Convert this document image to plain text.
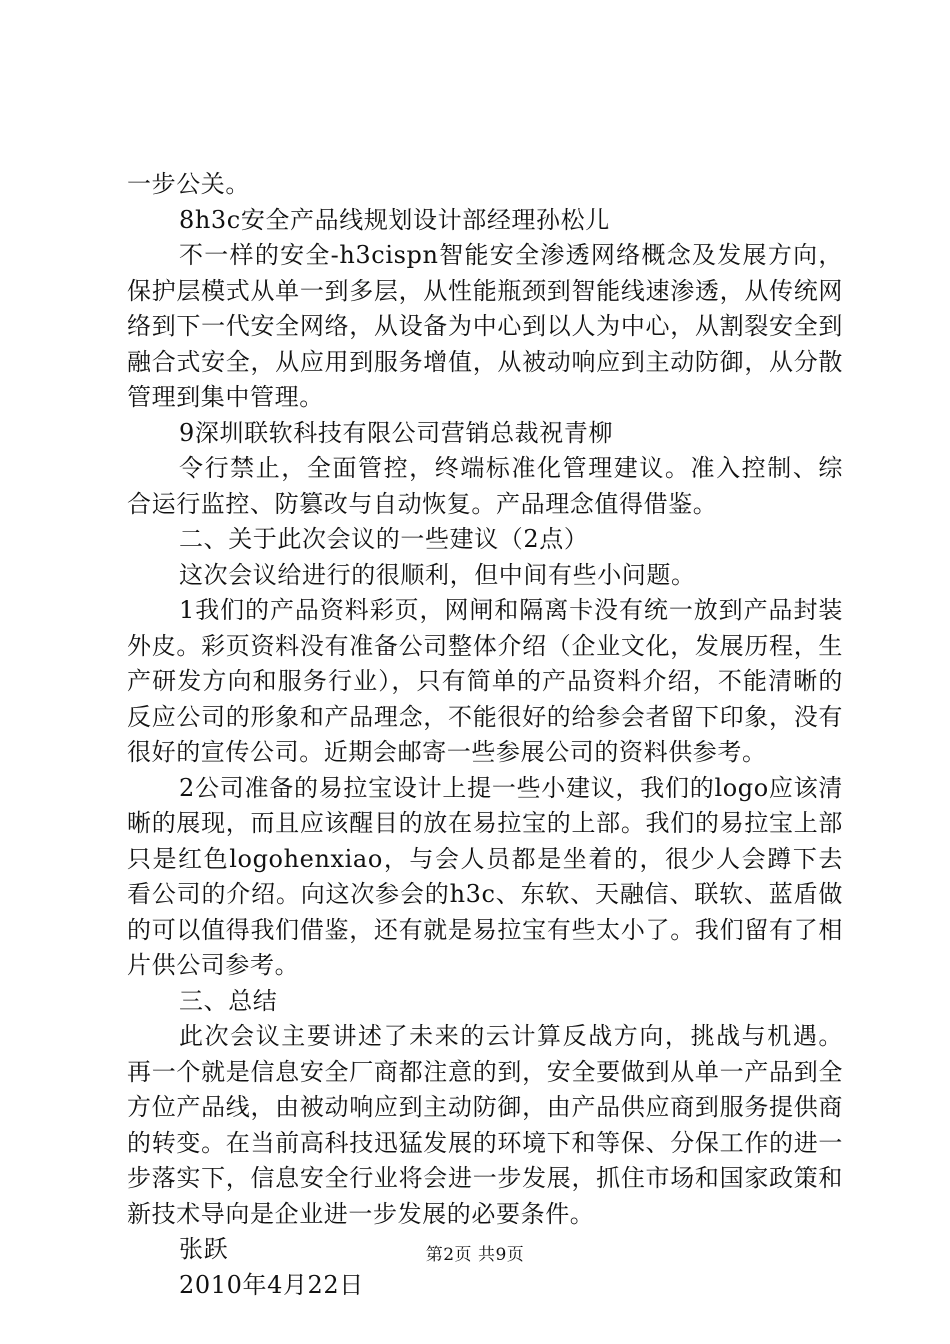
一步公关。

8h3c安全产品线规划设计部经理孙松儿

不一样的安全-h3cispn智能安全渗透网络概念及发展方向，保护层模式从单一到多层，从性能瓶颈到智能线速渗透，从传统网络到下一代安全网络，从设备为中心到以人为中心，从割裂安全到融合式安全，从应用到服务增值，从被动响应到主动防御，从分散管理到集中管理。

9深圳联软科技有限公司营销总裁祝青柳

令行禁止，全面管控，终端标准化管理建议。准入控制、综合运行监控、防篡改与自动恢复。产品理念值得借鉴。

二、关于此次会议的一些建议（2点）

这次会议给进行的很顺利，但中间有些小问题。

1我们的产品资料彩页，网闸和隔离卡没有统一放到产品封装外皮。彩页资料没有准备公司整体介绍（企业文化，发展历程，生产研发方向和服务行业），只有简单的产品资料介绍，不能清晰的反应公司的形象和产品理念，不能很好的给参会者留下印象，没有很好的宣传公司。近期会邮寄一些参展公司的资料供参考。

2公司准备的易拉宝设计上提一些小建议，我们的logo应该清晰的展现，而且应该醒目的放在易拉宝的上部。我们的易拉宝上部只是红色logohenxiao，与会人员都是坐着的，很少人会蹲下去看公司的介绍。向这次参会的h3c、东软、天融信、联软、蓝盾做的可以值得我们借鉴，还有就是易拉宝有些太小了。我们留有了相片供公司参考。

三、总结

此次会议主要讲述了未来的云计算反战方向，挑战与机遇。再一个就是信息安全厂商都注意的到，安全要做到从单一产品到全方位产品线，由被动响应到主动防御，由产品供应商到服务提供商的转变。在当前高科技迅猛发展的环境下和等保、分保工作的进一步落实下，信息安全行业将会进一步发展，抓住市场和国家政策和新技术导向是企业进一步发展的必要条件。

张跃

2010年4月22日

第2页 共9页
